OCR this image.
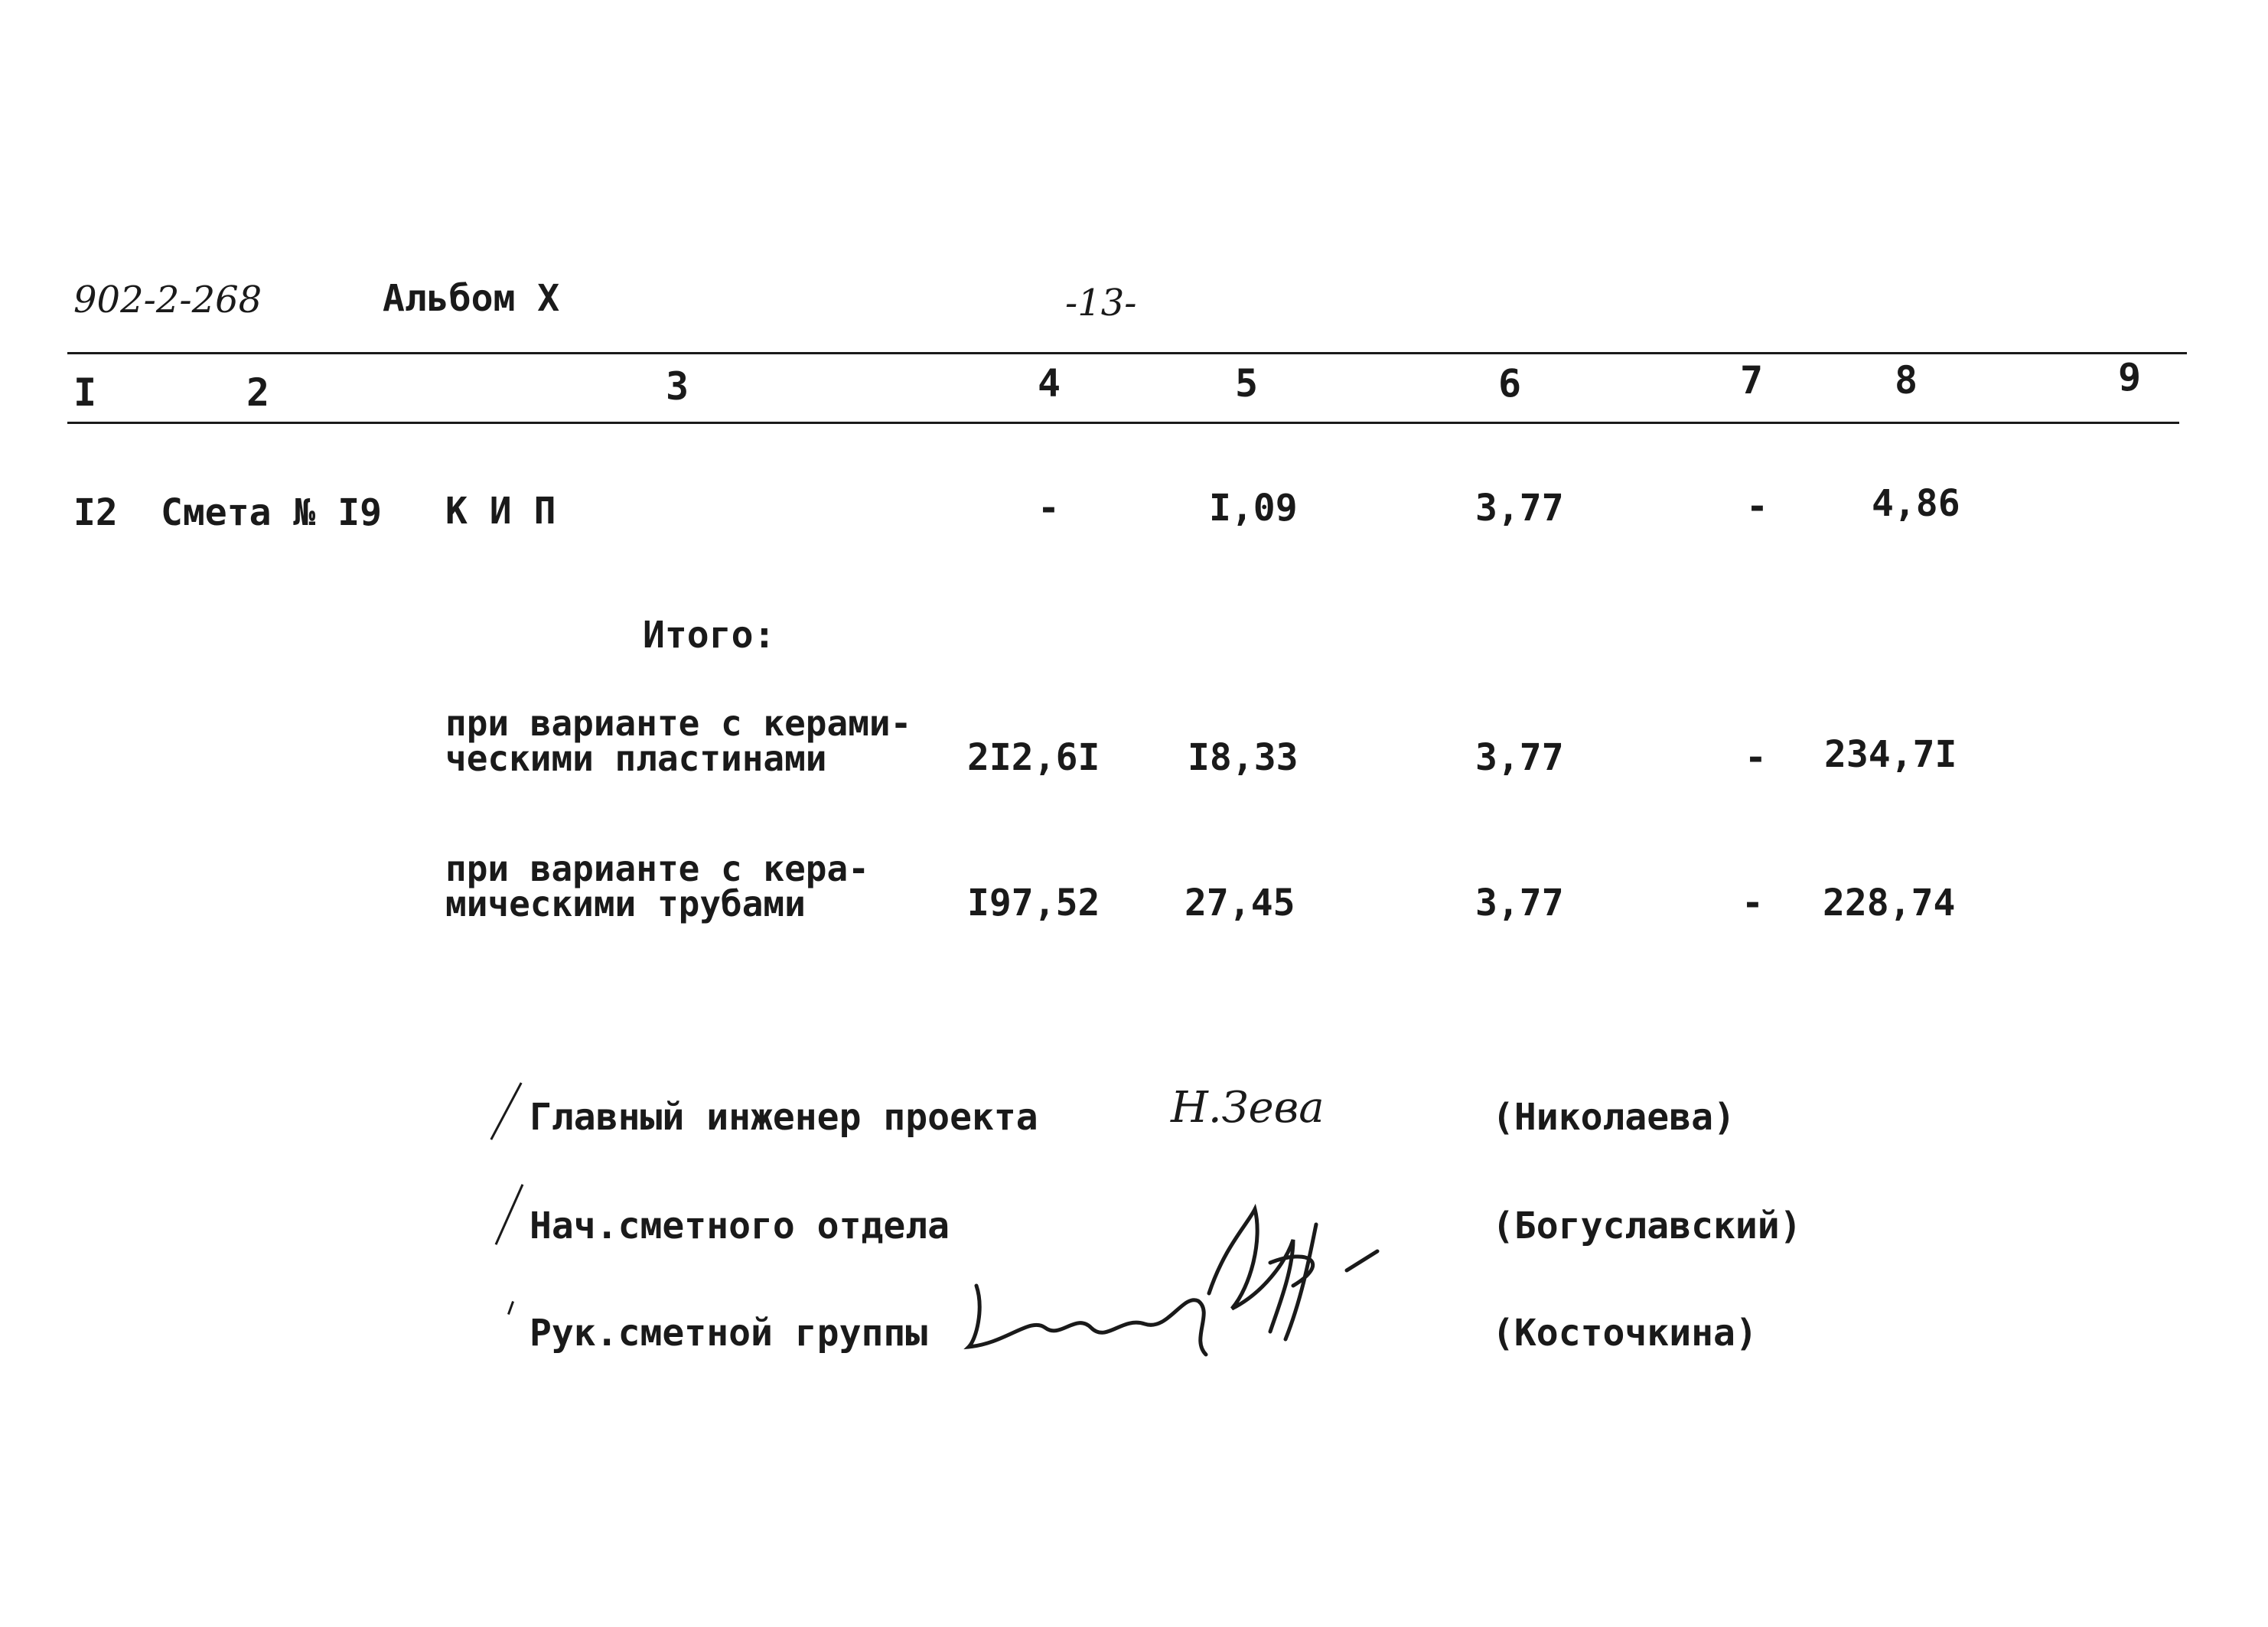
902-2-268	Альбом X	-13-
I	2	3	4	5	6	7	8	9
I2 Смета № I9 К И П	-	I,09	3,77	-	4,86
Итого:
при варианте с керами-
ческими пластинами	2I2,6I I8,33	3,77	- 234,7I
при варианте с кера-
мическими трубами	I97,52 27,45	3,77	- 228,74
Главный инженер проекта	Н.Зева	(Николаева)
Нач.сметного отдела	(Богуславский)
Рук.сметной группы	(Косточкина)
